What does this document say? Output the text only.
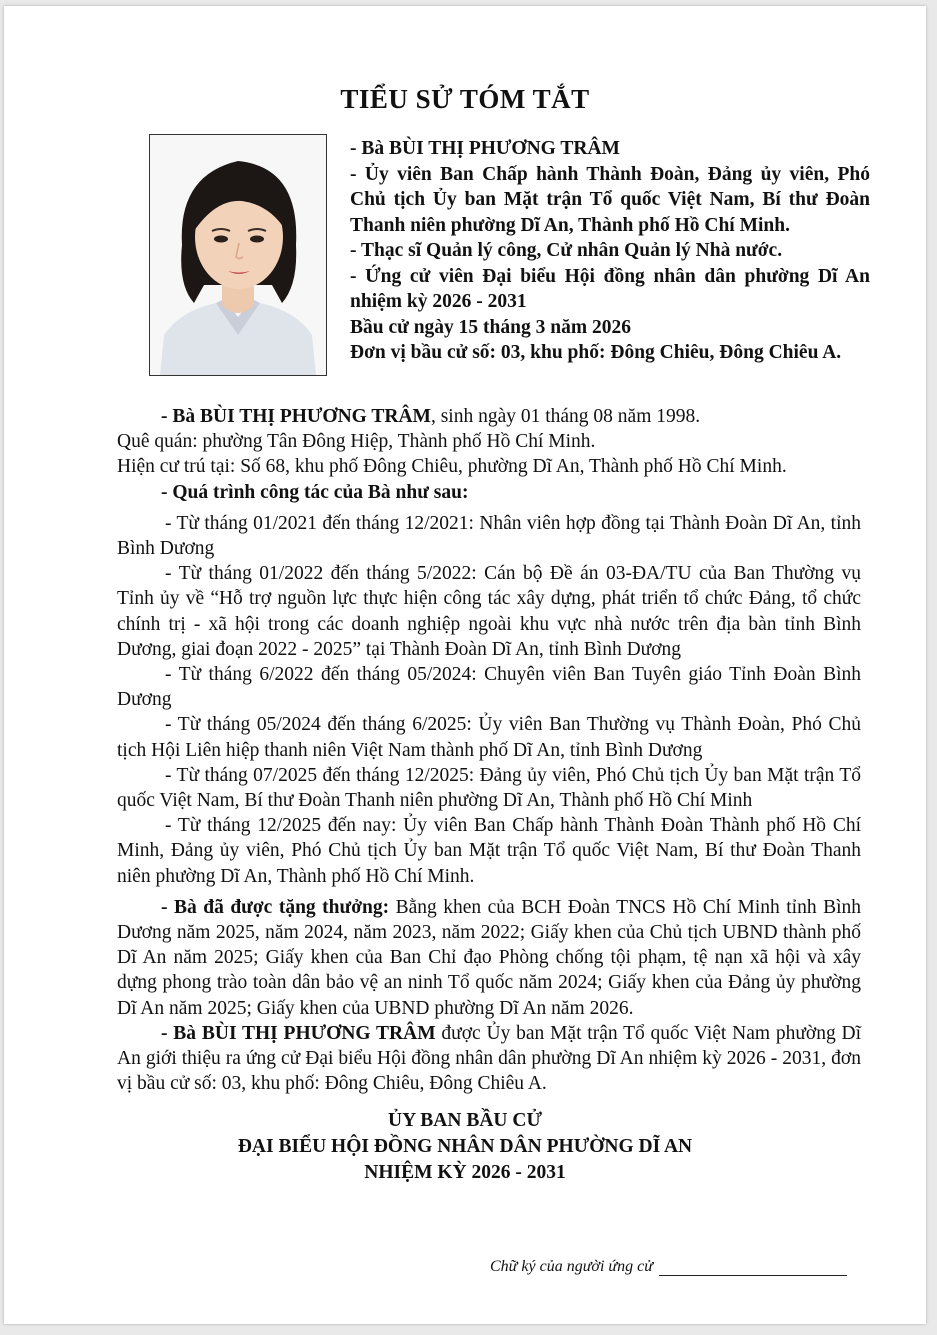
TIỂU SỬ TÓM TẮT

- Bà BÙI THỊ PHƯƠNG TRÂM

- Ủy viên Ban Chấp hành Thành Đoàn, Đảng ủy viên, Phó Chủ tịch Ủy ban Mặt trận Tổ quốc Việt Nam, Bí thư Đoàn Thanh niên phường Dĩ An, Thành phố Hồ Chí Minh.

- Thạc sĩ Quản lý công, Cử nhân Quản lý Nhà nước.

- Ứng cử viên Đại biểu Hội đồng nhân dân phường Dĩ An nhiệm kỳ 2026 - 2031

Bầu cử ngày 15 tháng 3 năm 2026

Đơn vị bầu cử số: 03, khu phố: Đông Chiêu, Đông Chiêu A.

- Bà BÙI THỊ PHƯƠNG TRÂM, sinh ngày 01 tháng 08 năm 1998.

Quê quán: phường Tân Đông Hiệp, Thành phố Hồ Chí Minh.

Hiện cư trú tại: Số 68, khu phố Đông Chiêu, phường Dĩ An, Thành phố Hồ Chí Minh.

- Quá trình công tác của Bà như sau:

- Từ tháng 01/2021 đến tháng 12/2021: Nhân viên hợp đồng tại Thành Đoàn Dĩ An, tỉnh Bình Dương

- Từ tháng 01/2022 đến tháng 5/2022: Cán bộ Đề án 03-ĐA/TU của Ban Thường vụ Tỉnh ủy về “Hỗ trợ nguồn lực thực hiện công tác xây dựng, phát triển tổ chức Đảng, tổ chức chính trị - xã hội trong các doanh nghiệp ngoài khu vực nhà nước trên địa bàn tỉnh Bình Dương, giai đoạn 2022 - 2025” tại Thành Đoàn Dĩ An, tỉnh Bình Dương

- Từ tháng 6/2022 đến tháng 05/2024: Chuyên viên Ban Tuyên giáo Tỉnh Đoàn Bình Dương

- Từ tháng 05/2024 đến tháng 6/2025: Ủy viên Ban Thường vụ Thành Đoàn, Phó Chủ tịch Hội Liên hiệp thanh niên Việt Nam thành phố Dĩ An, tỉnh Bình Dương

- Từ tháng 07/2025 đến tháng 12/2025: Đảng ủy viên, Phó Chủ tịch Ủy ban Mặt trận Tổ quốc Việt Nam, Bí thư Đoàn Thanh niên phường Dĩ An, Thành phố Hồ Chí Minh

- Từ tháng 12/2025 đến nay: Ủy viên Ban Chấp hành Thành Đoàn Thành phố Hồ Chí Minh, Đảng ủy viên, Phó Chủ tịch Ủy ban Mặt trận Tổ quốc Việt Nam, Bí thư Đoàn Thanh niên phường Dĩ An, Thành phố Hồ Chí Minh.

- Bà đã được tặng thưởng: Bằng khen của BCH Đoàn TNCS Hồ Chí Minh tỉnh Bình Dương năm 2025, năm 2024, năm 2023, năm 2022; Giấy khen của Chủ tịch UBND thành phố Dĩ An năm 2025; Giấy khen của Ban Chỉ đạo Phòng chống tội phạm, tệ nạn xã hội và xây dựng phong trào toàn dân bảo vệ an ninh Tổ quốc năm 2024; Giấy khen của Đảng ủy phường Dĩ An năm 2025; Giấy khen của UBND phường Dĩ An năm 2026.

- Bà BÙI THỊ PHƯƠNG TRÂM được Ủy ban Mặt trận Tổ quốc Việt Nam phường Dĩ An giới thiệu ra ứng cử Đại biểu Hội đồng nhân dân phường Dĩ An nhiệm kỳ 2026 - 2031, đơn vị bầu cử số: 03, khu phố: Đông Chiêu, Đông Chiêu A.

ỦY BAN BẦU CỬ
ĐẠI BIỂU HỘI ĐỒNG NHÂN DÂN PHƯỜNG DĨ AN
NHIỆM KỲ 2026 - 2031
Chữ ký của người ứng cử
